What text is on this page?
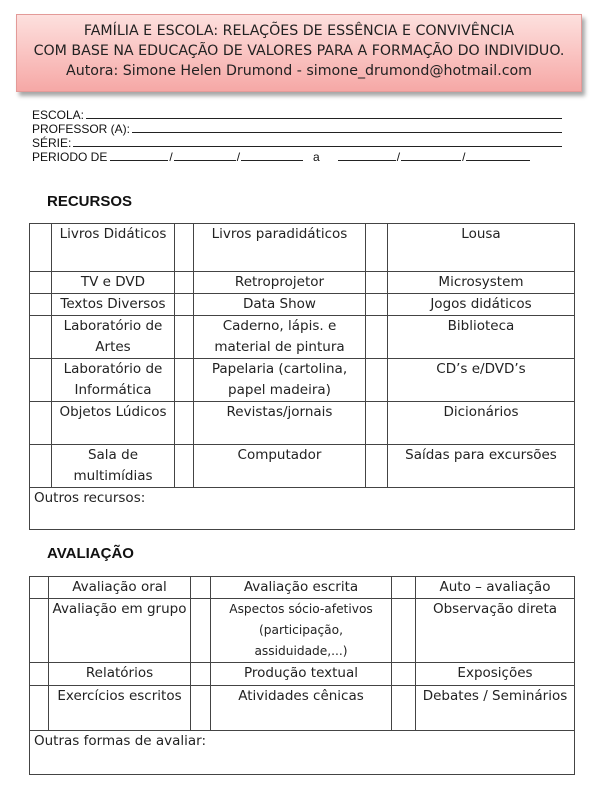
FAMÍLIA E ESCOLA: RELAÇÕES DE ESSÊNCIA E CONVIVÊNCIA
COM BASE NA EDUCAÇÃO DE VALORES PARA A FORMAÇÃO DO INDIVIDUO.
Autora: Simone Helen Drumond - simone_drumond@hotmail.com
ESCOLA:
PROFESSOR (A):
SÉRIE:
PERIODO DE	/	/	a	/	/
RECURSOS
	Livros Didáticos		Livros paradidáticos		Lousa
	TV e DVD		Retroprojetor		Microsystem
	Textos Diversos		Data Show		Jogos didáticos
	Laboratório de Artes		Caderno, lápis. e material de pintura		Biblioteca
	Laboratório de Informática		Papelaria (cartolina, papel madeira)		CD’s e/DVD’s
	Objetos Lúdicos		Revistas/jornais		Dicionários
	Sala de multimídias		Computador		Saídas para excursões
Outros recursos:					
AVALIAÇÃO
	Avaliação oral		Avaliação escrita		Auto – avaliação
	Avaliação em grupo		Aspectos sócio-afetivos (participação, assiduidade,...)		Observação direta
	Relatórios		Produção textual		Exposições
	Exercícios escritos		Atividades cênicas		Debates / Seminários
Outras formas de avaliar:					
